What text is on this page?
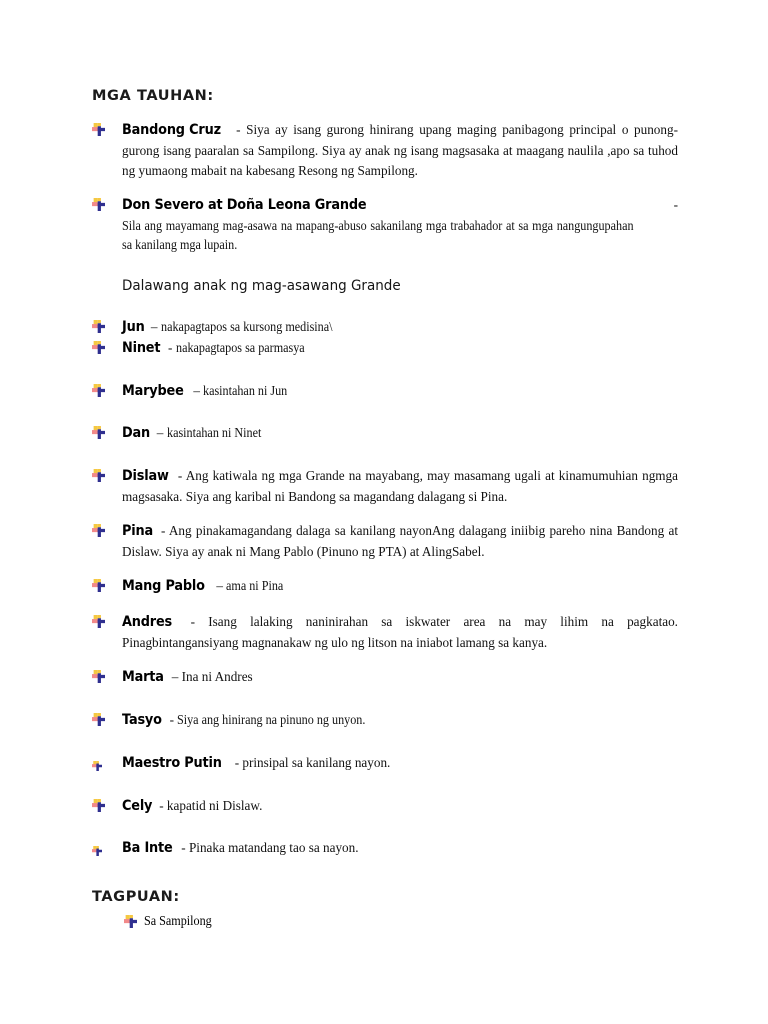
MGA TAUHAN:
Bandong Cruz - Siya ay isang gurong hinirang upang maging panibagong principal o punong- gurong isang paaralan sa Sampilong. Siya ay anak ng isang magsasaka at maagang naulila ,apo sa tuhod ng yumaong mabait na kabesang Resong ng Sampilong.
Don Severo at Doña Leona Grande - Sila ang mayamang mag-asawa na mapang-abuso sakanilang mga trabahador at sa mga nangungupahan sa kanilang mga lupain.

Dalawang anak ng mag-asawang Grande

Jun – nakapagtapos sa kursong medisina\
Ninet - nakapagtapos sa parmasya
Marybee – kasintahan ni Jun
Dan – kasintahan ni Ninet
Dislaw - Ang katiwala ng mga Grande na mayabang, may masamang ugali at kinamumuhian ngmga magsasaka. Siya ang karibal ni Bandong sa magandang dalagang si Pina.
Pina - Ang pinakamagandang dalaga sa kanilang nayonAng dalagang iniibig pareho nina Bandong at Dislaw. Siya ay anak ni Mang Pablo (Pinuno ng PTA) at AlingSabel.
Mang Pablo – ama ni Pina
Andres - Isang lalaking naninirahan sa iskwater area na may lihim na pagkatao. Pinagbintangansiyang magnanakaw ng ulo ng litson na iniabot lamang sa kanya.
Marta – Ina ni Andres
Tasyo - Siya ang hinirang na pinuno ng unyon.
Maestro Putin - prinsipal sa kanilang nayon.
Cely - kapatid ni Dislaw.
Ba Inte - Pinaka matandang tao sa nayon.
TAGPUAN:
Sa Sampilong
